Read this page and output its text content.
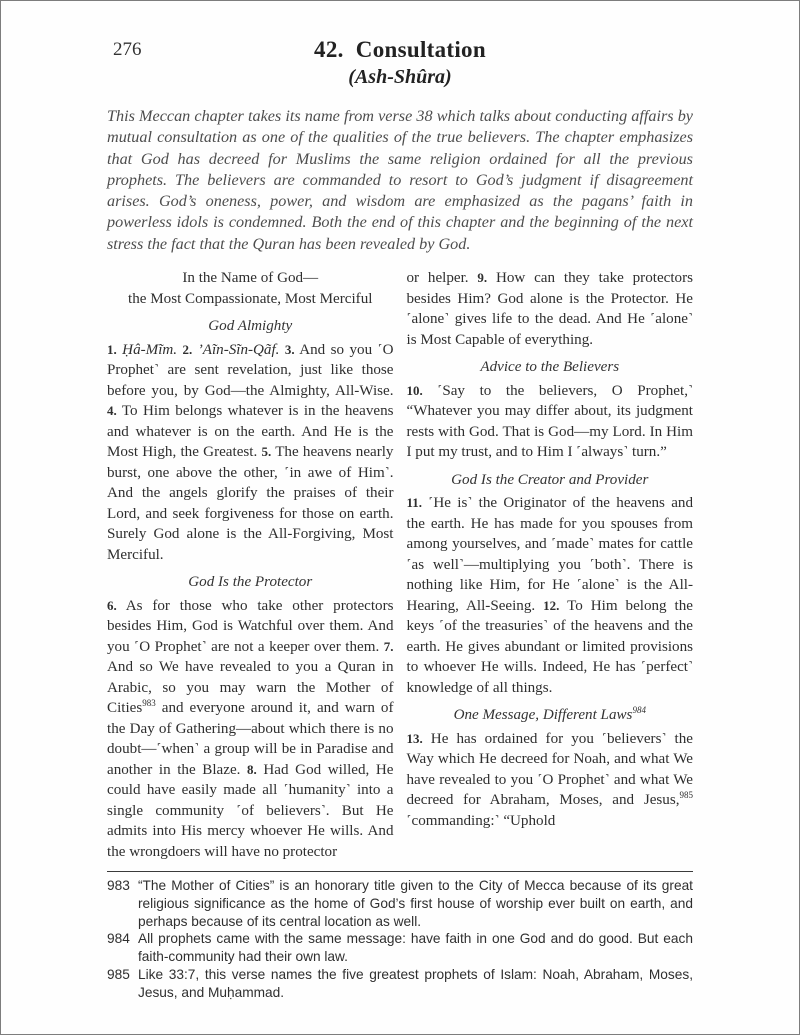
276	42.  Consultation
(Ash-Shûra)
This Meccan chapter takes its name from verse 38 which talks about conducting affairs by mutual consultation as one of the qualities of the true believers. The chapter emphasizes that God has decreed for Muslims the same religion ordained for all the previous prophets. The believers are commanded to resort to God’s judgment if disagreement arises. God’s oneness, power, and wisdom are emphasized as the pagans’ faith in powerless idols is condemned. Both the end of this chapter and the beginning of the next stress the fact that the Quran has been revealed by God.
In the Name of God—
the Most Compassionate, Most Merciful
God Almighty
1. Ḥâ-Mĩm. 2. ’Aĩn-Sĩn-Qãf. 3. And so you ˹O Prophet˺ are sent revelation, just like those before you, by God—the Almighty, All-Wise. 4. To Him belongs whatever is in the heavens and whatever is on the earth. And He is the Most High, the Greatest. 5. The heavens nearly burst, one above the other, ˹in awe of Him˺. And the angels glorify the praises of their Lord, and seek forgiveness for those on earth. Surely God alone is the All-Forgiving, Most Merciful.
God Is the Protector
6. As for those who take other protectors besides Him, God is Watchful over them. And you ˹O Prophet˺ are not a keeper over them. 7. And so We have revealed to you a Quran in Arabic, so you may warn the Mother of Cities$^{983}$ and everyone around it, and warn of the Day of Gathering—about which there is no doubt—˹when˺ a group will be in Paradise and another in the Blaze. 8. Had God willed, He could have easily made all ˹humanity˺ into a single community ˹of believers˺. But He admits into His mercy whoever He wills. And the wrongdoers will have no protector
or helper. 9. How can they take protectors besides Him? God alone is the Protector. He ˹alone˺ gives life to the dead. And He ˹alone˺ is Most Capable of everything.
Advice to the Believers
10. ˹Say to the believers, O Prophet,˺ “Whatever you may differ about, its judgment rests with God. That is God—my Lord. In Him I put my trust, and to Him I ˹always˺ turn.”
God Is the Creator and Provider
11. ˹He is˺ the Originator of the heavens and the earth. He has made for you spouses from among yourselves, and ˹made˺ mates for cattle ˹as well˺—multiplying you ˹both˺. There is nothing like Him, for He ˹alone˺ is the All-Hearing, All-Seeing. 12. To Him belong the keys ˹of the treasuries˺ of the heavens and the earth. He gives abundant or limited provisions to whoever He wills. Indeed, He has ˹perfect˺ knowledge of all things.
One Message, Different Laws$^{984}$
13. He has ordained for you ˹believers˺ the Way which He decreed for Noah, and what We have revealed to you ˹O Prophet˺ and what We decreed for Abraham, Moses, and Jesus,$^{985}$ ˹commanding:˺ “Uphold
983 “The Mother of Cities” is an honorary title given to the City of Mecca because of its great religious significance as the home of God’s first house of worship ever built on earth, and perhaps because of its central location as well.
984 All prophets came with the same message: have faith in one God and do good. But each faith-community had their own law.
985 Like 33:7, this verse names the five greatest prophets of Islam: Noah, Abraham, Moses, Jesus, and Muḥammad.
